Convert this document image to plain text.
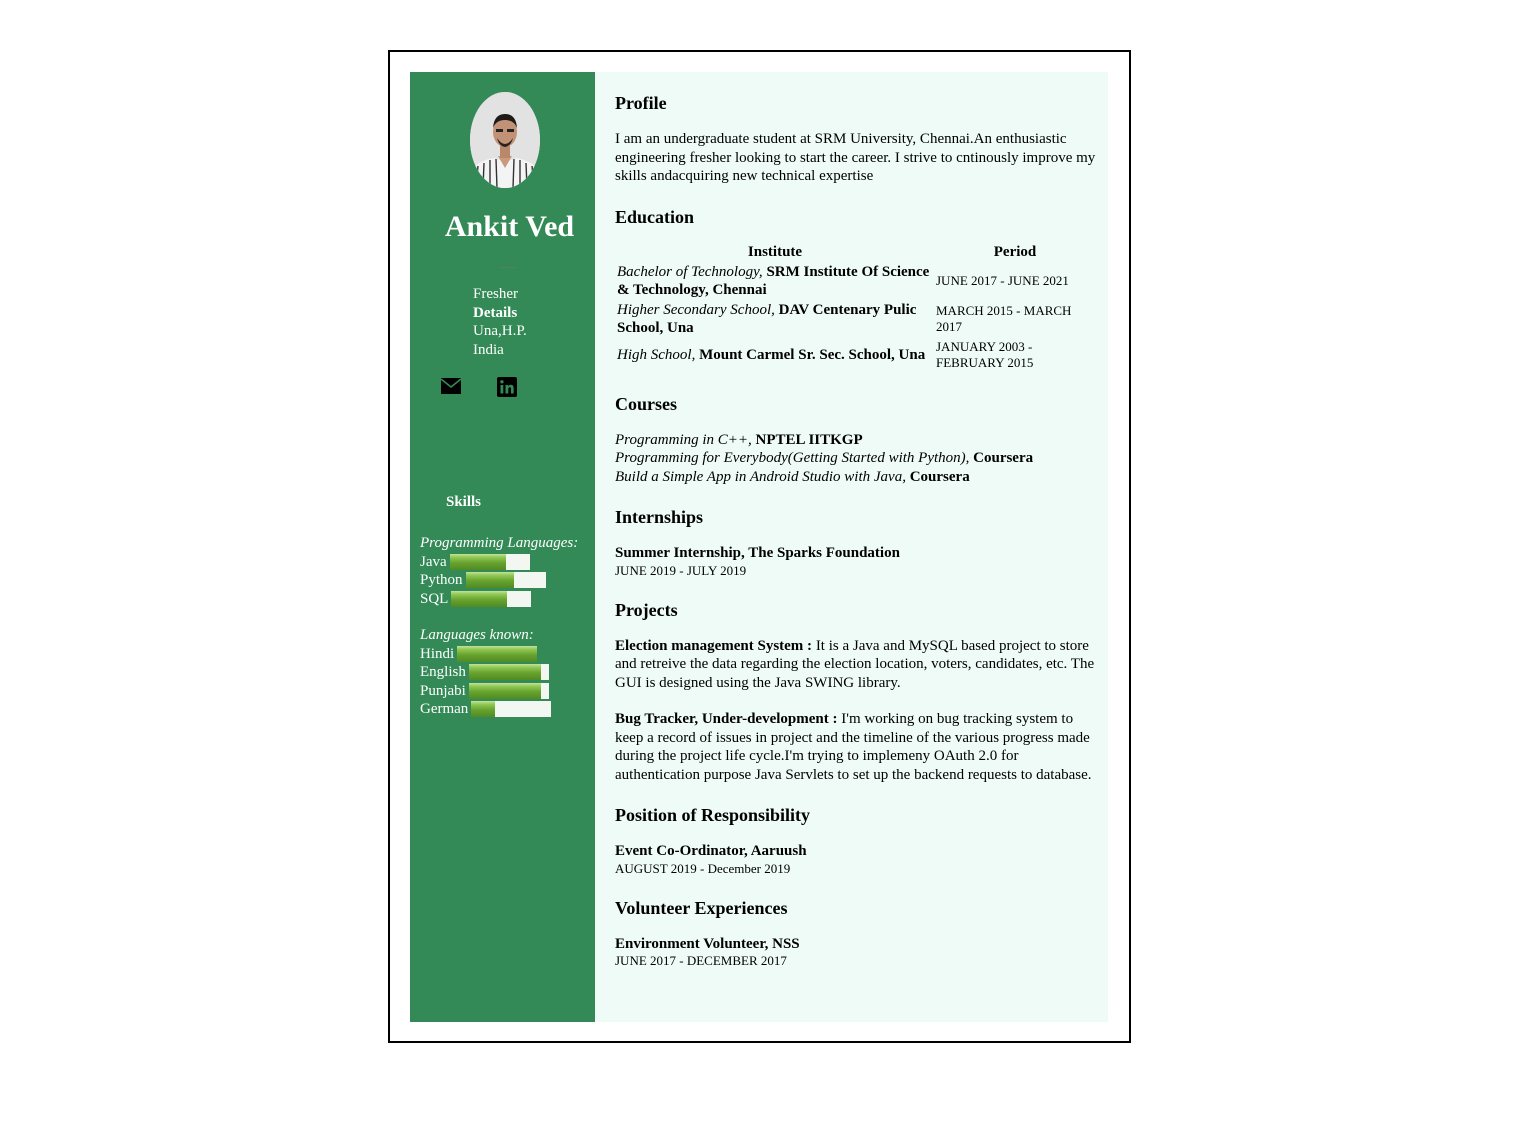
Ankit Ved
Fresher
Details
Una,H.P.
India
Skills
Programming Languages:
Java
Python
SQL
Languages known:
Hindi
English
Punjabi
German
Profile
I am an undergraduate student at SRM University, Chennai.An enthusiastic engineering fresher looking to start the career. I strive to cntinously improve my skills andacquiring new technical expertise
Education
Institute	Period
Bachelor of Technology, SRM Institute Of Science & Technology, Chennai	JUNE 2017 - JUNE 2021
Higher Secondary School, DAV Centenary Pulic School, Una	MARCH 2015 - MARCH 2017
High School, Mount Carmel Sr. Sec. School, Una	JANUARY 2003 - FEBRUARY 2015
Courses
Programming in C++, NPTEL IITKGP
Programming for Everybody(Getting Started with Python), Coursera
Build a Simple App in Android Studio with Java, Coursera
Internships
Summer Internship, The Sparks Foundation
JUNE 2019 - JULY 2019
Projects
Election management System : It is a Java and MySQL based project to store and retreive the data regarding the election location, voters, candidates, etc. The GUI is designed using the Java SWING library.
Bug Tracker, Under-development : I'm working on bug tracking system to keep a record of issues in project and the timeline of the various progress made during the project life cycle.I'm trying to implemeny OAuth 2.0 for authentication purpose Java Servlets to set up the backend requests to database.
Position of Responsibility
Event Co-Ordinator, Aaruush
AUGUST 2019 - December 2019
Volunteer Experiences
Environment Volunteer, NSS
JUNE 2017 - DECEMBER 2017
